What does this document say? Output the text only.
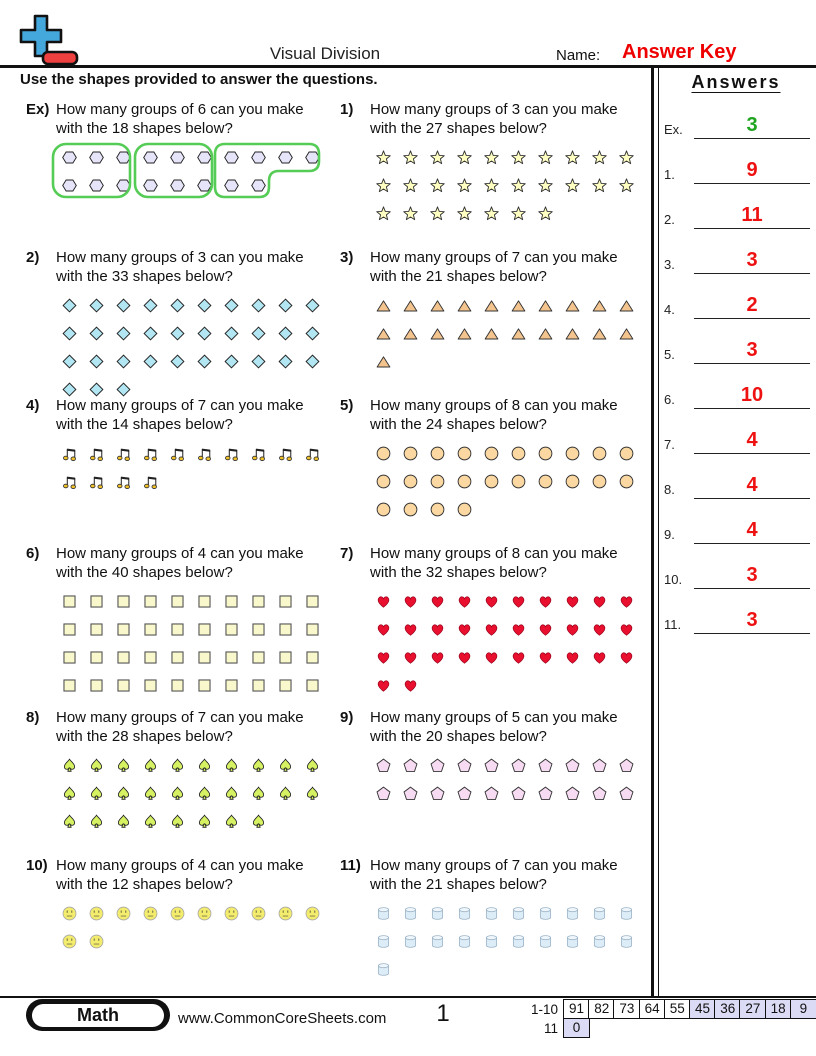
Visual Division	Name: Answer Key
Use the shapes provided to answer the questions.	Answers
Ex.	3
1.	9
2.	11
3.	3
4.	2
5.	3
6.	10
7.	4
8.	4
9.	4
10.	3
11.	3
Ex) How many groups of 6 can you make
with the 18 shapes below?
1)	How many groups of 3 can you make
with the 27 shapes below?
2)	How many groups of 3 can you make
with the 33 shapes below?
3)	How many groups of 7 can you make
with the 21 shapes below?
4)	How many groups of 7 can you make
with the 14 shapes below?
5)	How many groups of 8 can you make
with the 24 shapes below?
6)	How many groups of 4 can you make
with the 40 shapes below?
7)	How many groups of 8 can you make
with the 32 shapes below?
8)	How many groups of 7 can you make
with the 28 shapes below?
9)	How many groups of 5 can you make
with the 20 shapes below?
10) How many groups of 4 can you make
with the 12 shapes below?
11) How many groups of 7 can you make
with the 21 shapes below?
Math	www.CommonCoreSheets.com	1	1-10 91 82 73 64 55 45 36 27 18	9
11	0
